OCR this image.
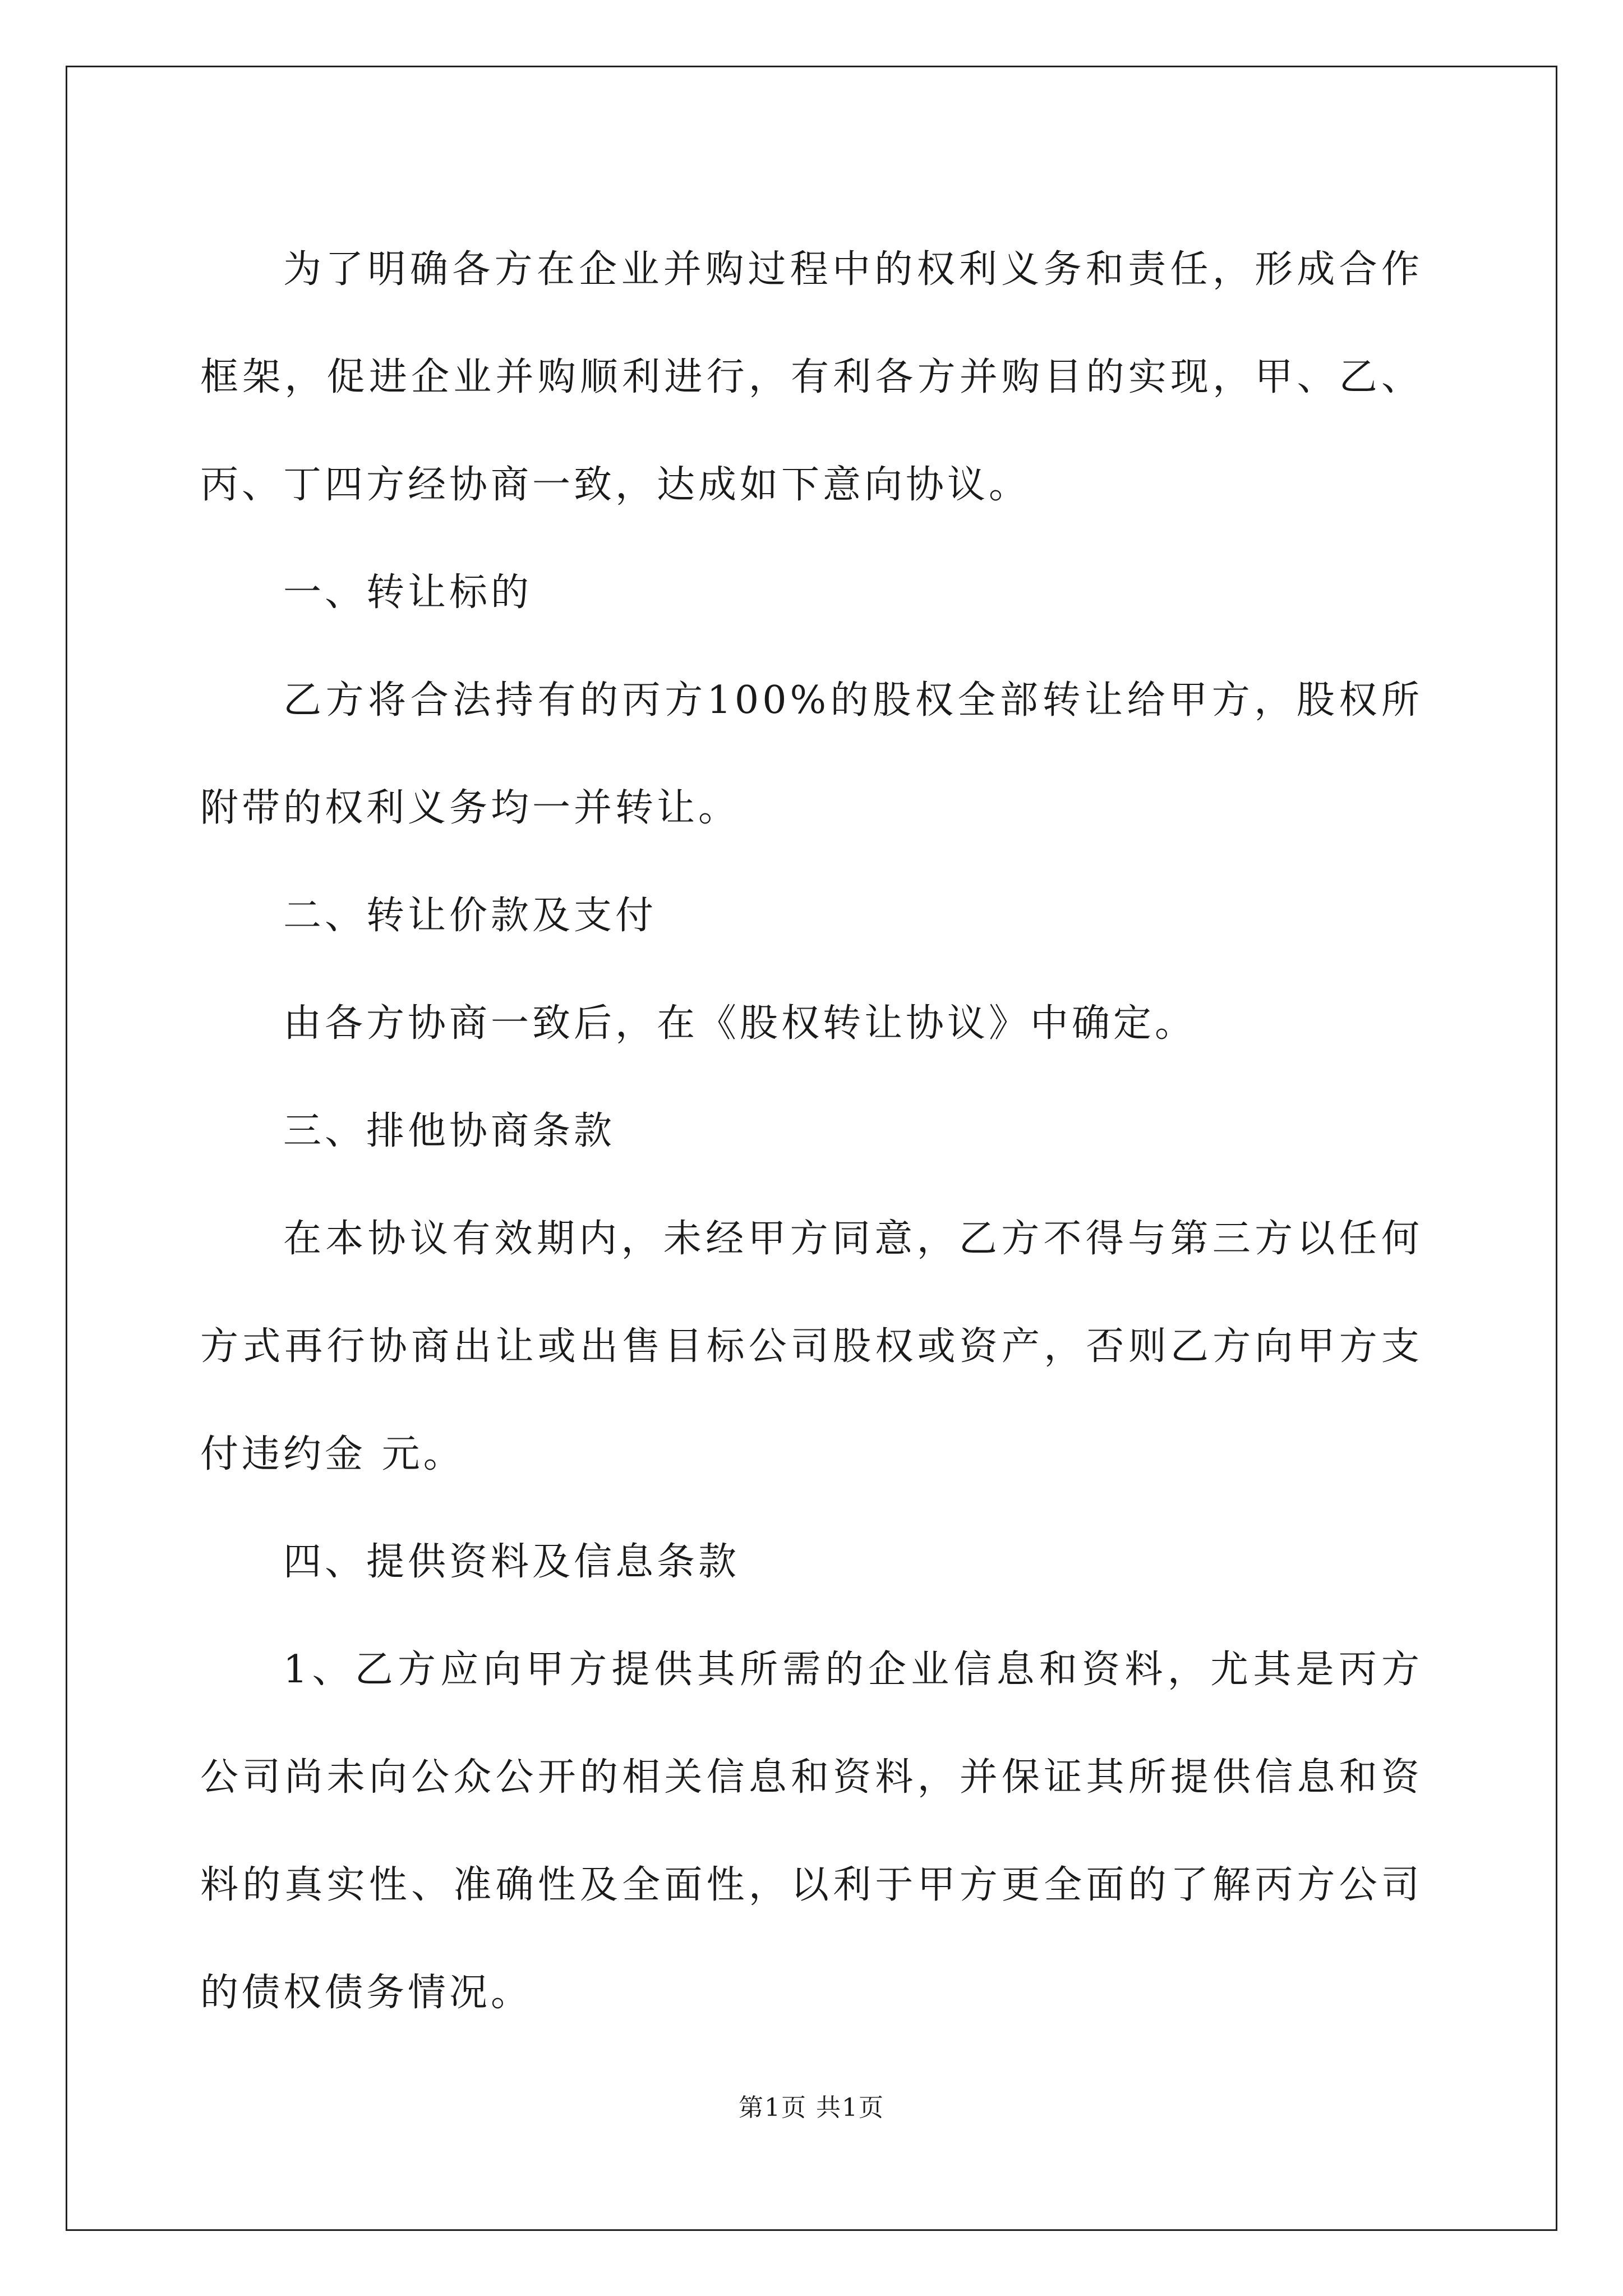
为了明确各方在企业并购过程中的权利义务和责任，形成合作框架，促进企业并购顺利进行，有利各方并购目的实现，甲、乙、丙、丁四方经协商一致，达成如下意向协议。

一、转让标的

乙方将合法持有的丙方100%的股权全部转让给甲方，股权所附带的权利义务均一并转让。

二、转让价款及支付

由各方协商一致后，在《股权转让协议》中确定。

三、排他协商条款

在本协议有效期内，未经甲方同意，乙方不得与第三方以任何方式再行协商出让或出售目标公司股权或资产，否则乙方向甲方支付违约金 元。

四、提供资料及信息条款

1、乙方应向甲方提供其所需的企业信息和资料，尤其是丙方公司尚未向公众公开的相关信息和资料，并保证其所提供信息和资料的真实性、准确性及全面性，以利于甲方更全面的了解丙方公司的债权债务情况。

第1页 共1页
